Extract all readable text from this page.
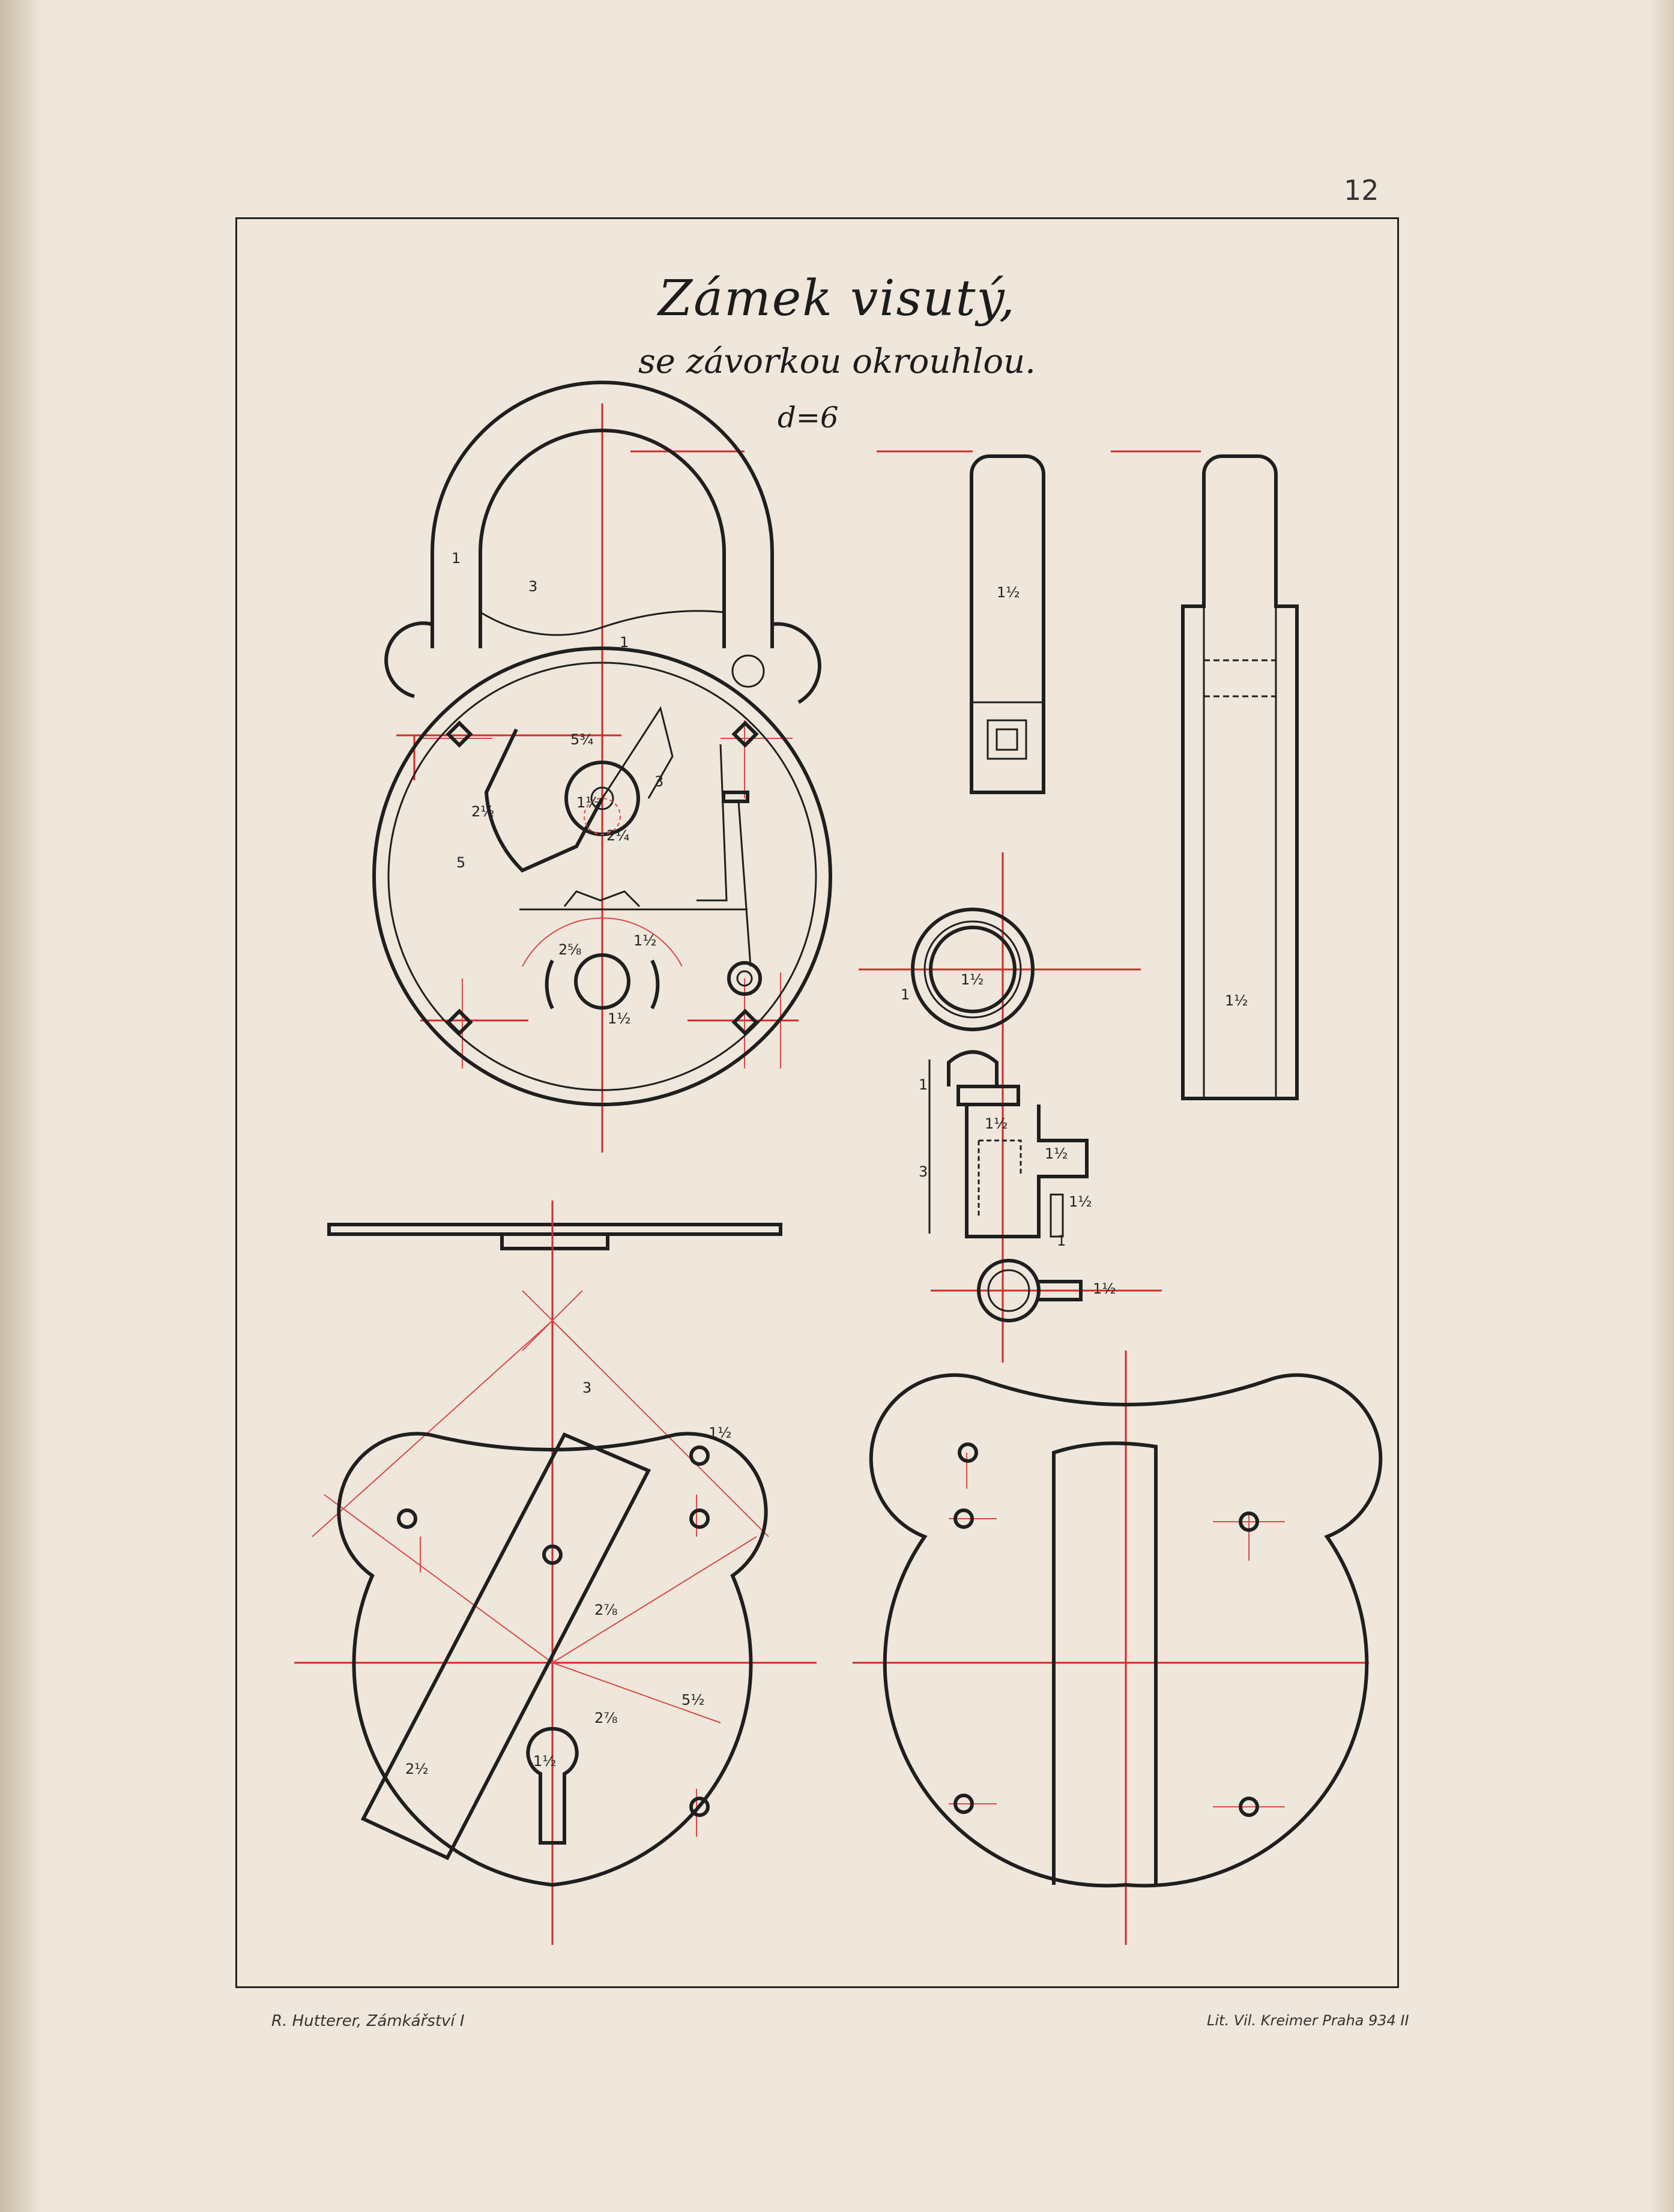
12
Zámek visutý,
se závorkou okrouhlou.
d=6
1
3
1
5
5¾
3
1½
2¼
2½
1½
2⅝
1½
1½
1½
1½
1
1
3
1½
1½
1½
1
1½
3
1½
2⅞
2⅞
5½
2½	1½
R. Hutterer, Zámkářství I	Lit. Vil. Kreimer Praha 934 II
